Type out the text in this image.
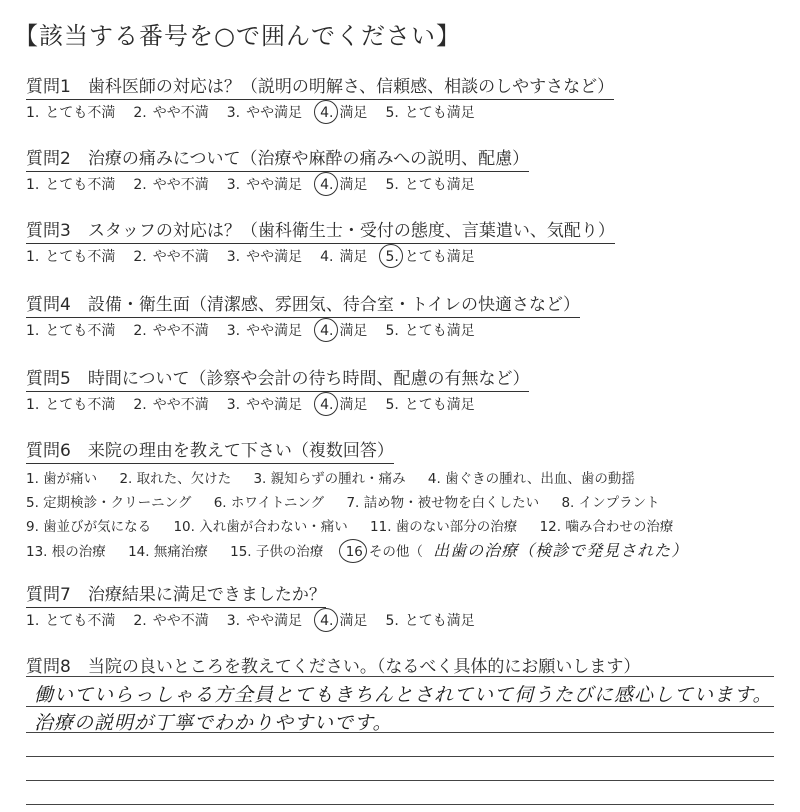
【該当する番号を○で囲んでください】
質問1　歯科医師の対応は？（説明の明解さ、信頼感、相談のしやすさなど）
1. とても不満 2. やや不満 3. やや満足 4. 満足 5. とても満足
質問2　治療の痛みについて（治療や麻酔の痛みへの説明、配慮）
1. とても不満 2. やや不満 3. やや満足 4. 満足 5. とても満足
質問3　スタッフの対応は？（歯科衛生士・受付の態度、言葉遣い、気配り）
1. とても不満 2. やや不満 3. やや満足 4. 満足 5. とても満足
質問4　設備・衛生面（清潔感、雰囲気、待合室・トイレの快適さなど）
1. とても不満 2. やや不満 3. やや満足 4. 満足 5. とても満足
質問5　時間について（診察や会計の待ち時間、配慮の有無など）
1. とても不満 2. やや不満 3. やや満足 4. 満足 5. とても満足
質問6　来院の理由を教えて下さい（複数回答）
1. 歯が痛い 2. 取れた、欠けた 3. 親知らずの腫れ・痛み 4. 歯ぐきの腫れ、出血、歯の動揺
5. 定期検診・クリーニング 6. ホワイトニング 7. 詰め物・被せ物を白くしたい 8. インプラント
9. 歯並びが気になる 10. 入れ歯が合わない・痛い 11. 歯のない部分の治療 12. 噛み合わせの治療
13. 根の治療 14. 無痛治療 15. 子供の治療 16 その他（ 出歯の治療（検診で発見された）
質問7　治療結果に満足できましたか？
1. とても不満 2. やや不満 3. やや満足 4. 満足 5. とても満足
質問8　当院の良いところを教えてください。（なるべく具体的にお願いします）
働いていらっしゃる方全員とてもきちんとされていて伺うたびに感心しています。
治療の説明が丁寧でわかりやすいです。
